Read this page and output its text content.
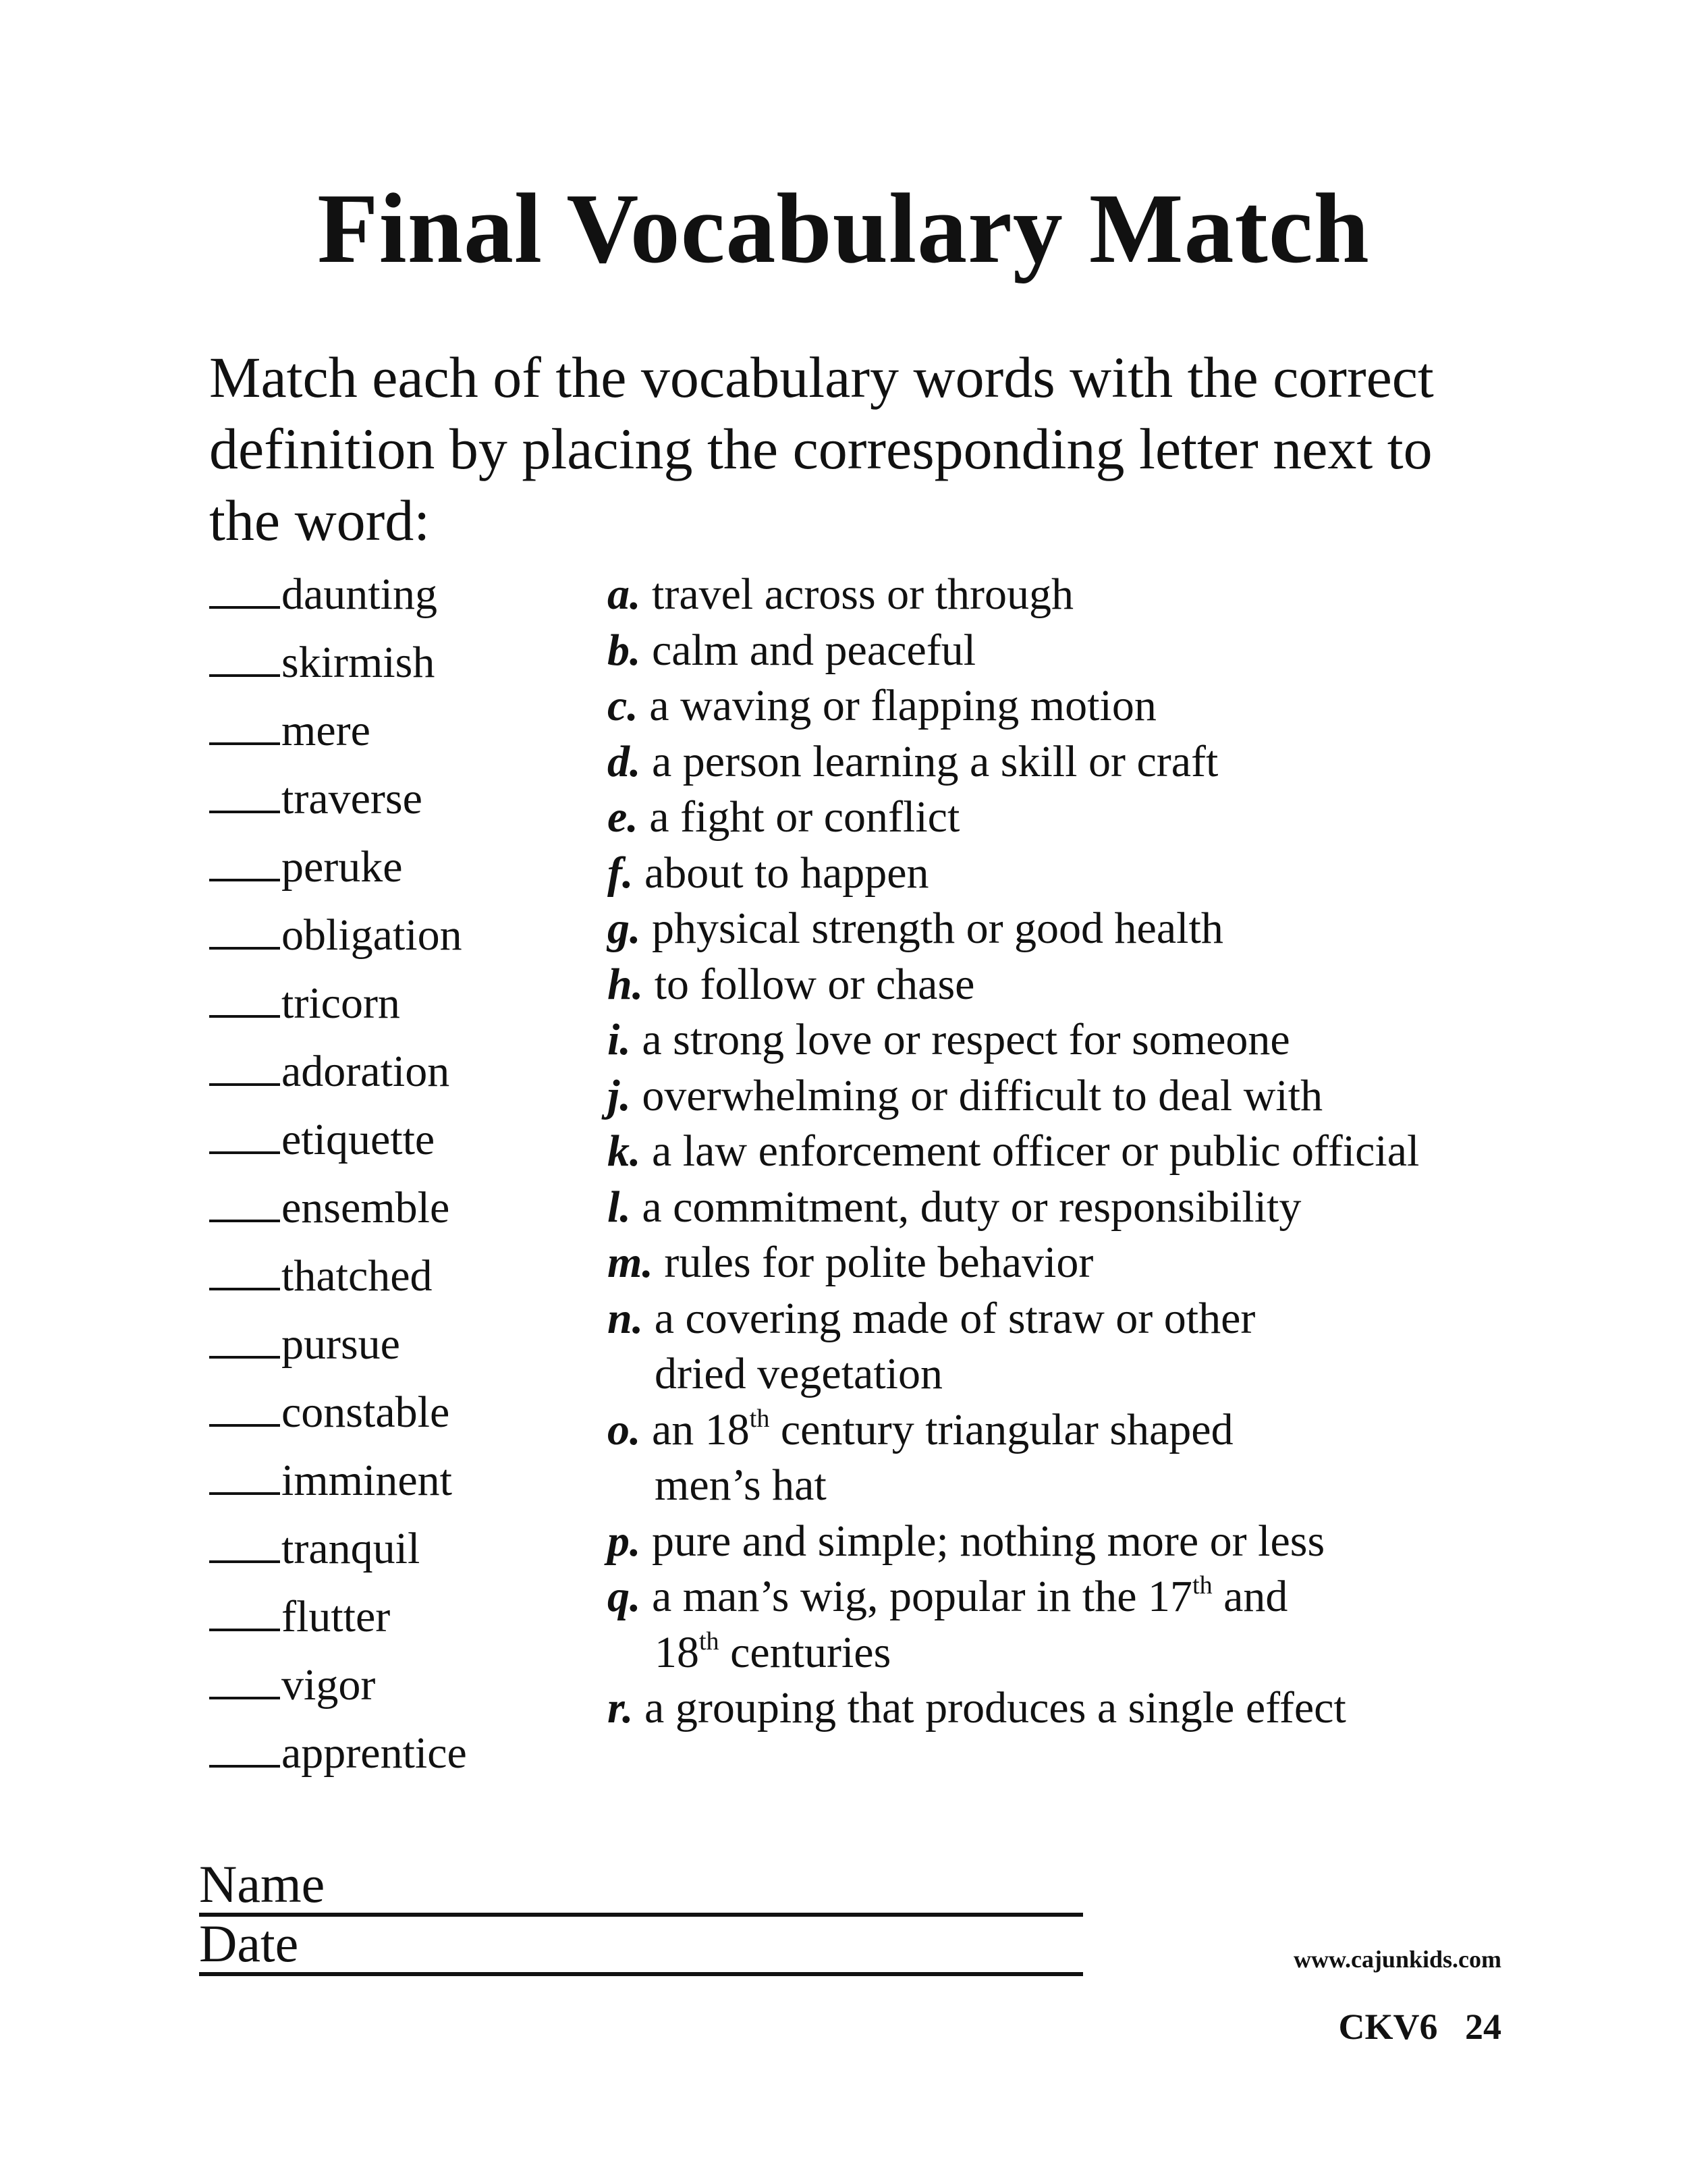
Final Vocabulary Match

Match each of the vocabulary words with the correct definition by placing the corresponding letter next to the word:

daunting
skirmish
mere
traverse
peruke
obligation
tricorn
adoration
etiquette
ensemble
thatched
pursue
constable
imminent
tranquil
flutter
vigor
apprentice
a. travel across or through
b. calm and peaceful
c. a waving or flapping motion
d. a person learning a skill or craft
e. a fight or conflict
f. about to happen
g. physical strength or good health
h. to follow or chase
i. a strong love or respect for someone
j. overwhelming or difficult to deal with
k. a law enforcement officer or public official
l. a commitment, duty or responsibility
m. rules for polite behavior
n. a covering made of straw or other
dried vegetation
o. an 18th century triangular shaped
men’s hat
p. pure and simple; nothing more or less
q. a man’s wig, popular in the 17th and
18th centuries
r. a grouping that produces a single effect
Name
Date	www.cajunkids.com
CKV6   24
